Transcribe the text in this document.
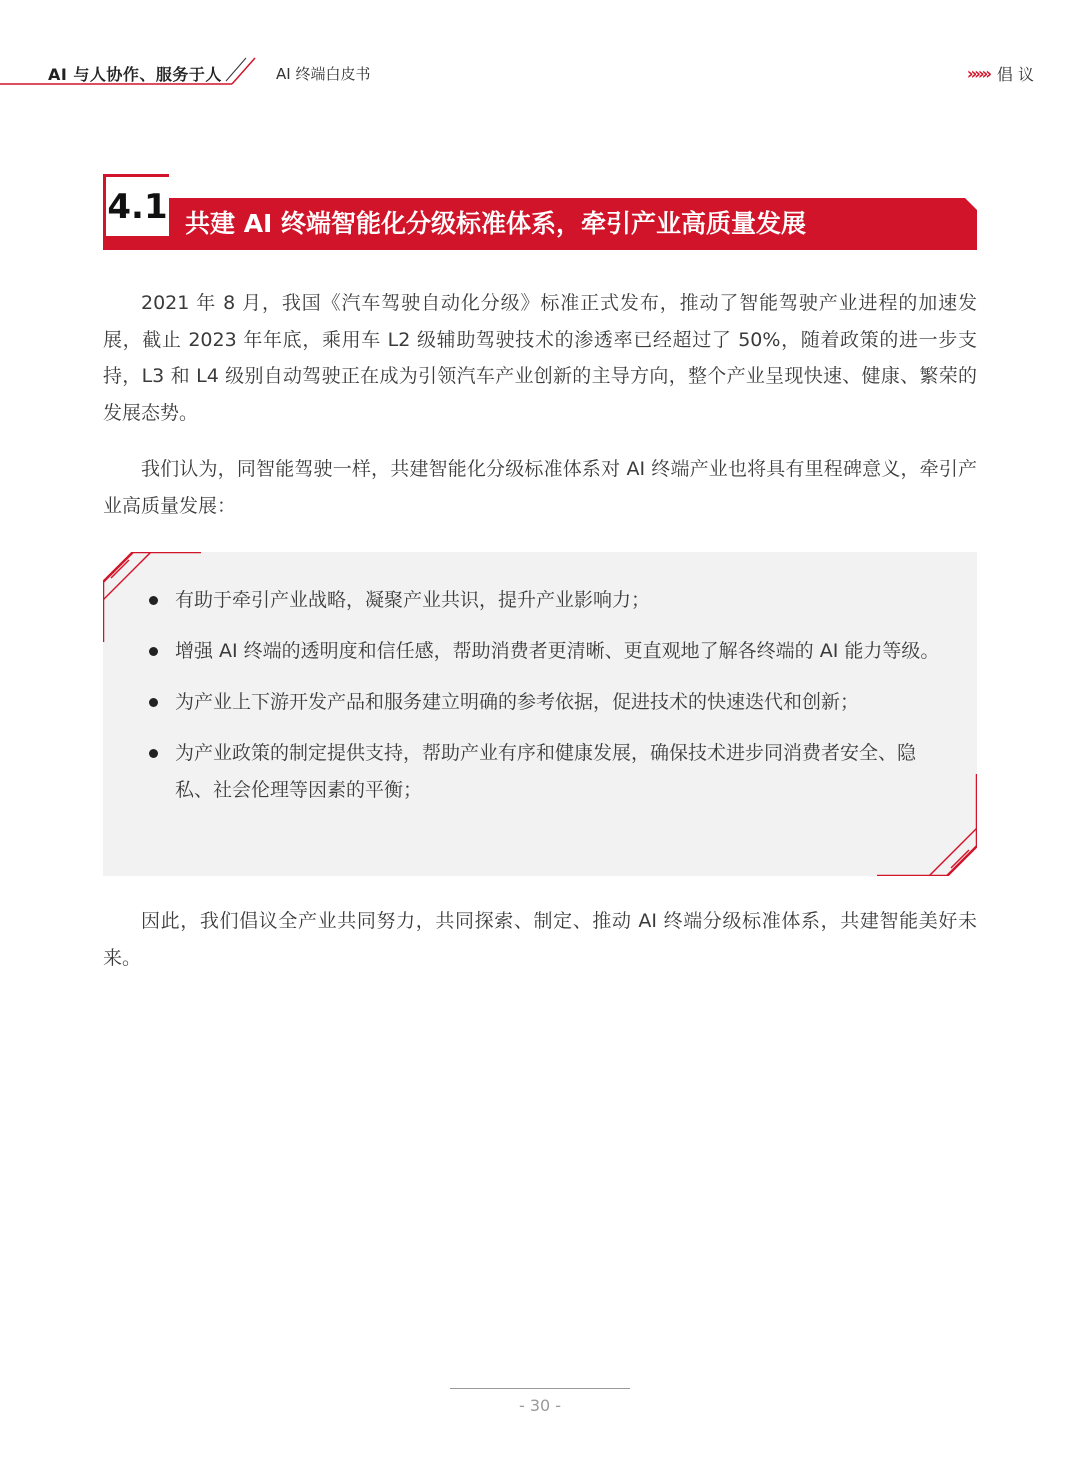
AI 与人协作、服务于人	AI 终端白皮书	»»» 倡 议
4.1 共建 AI 终端智能化分级标准体系，牵引产业高质量发展

2021 年 8 月，我国《汽车驾驶自动化分级》标准正式发布，推动了智能驾驶产业进程的加速发展，截止 2023 年年底，乘用车 L2 级辅助驾驶技术的渗透率已经超过了 50%，随着政策的进一步支持，L3 和 L4 级别自动驾驶正在成为引领汽车产业创新的主导方向，整个产业呈现快速、健康、繁荣的发展态势。

我们认为，同智能驾驶一样，共建智能化分级标准体系对 AI 终端产业也将具有里程碑意义，牵引产业高质量发展：

有助于牵引产业战略，凝聚产业共识，提升产业影响力；
增强 AI 终端的透明度和信任感，帮助消费者更清晰、更直观地了解各终端的 AI 能力等级。
为产业上下游开发产品和服务建立明确的参考依据，促进技术的快速迭代和创新；
为产业政策的制定提供支持，帮助产业有序和健康发展，确保技术进步同消费者安全、隐私、社会伦理等因素的平衡；

因此，我们倡议全产业共同努力，共同探索、制定、推动 AI 终端分级标准体系，共建智能美好未来。

- 30 -
